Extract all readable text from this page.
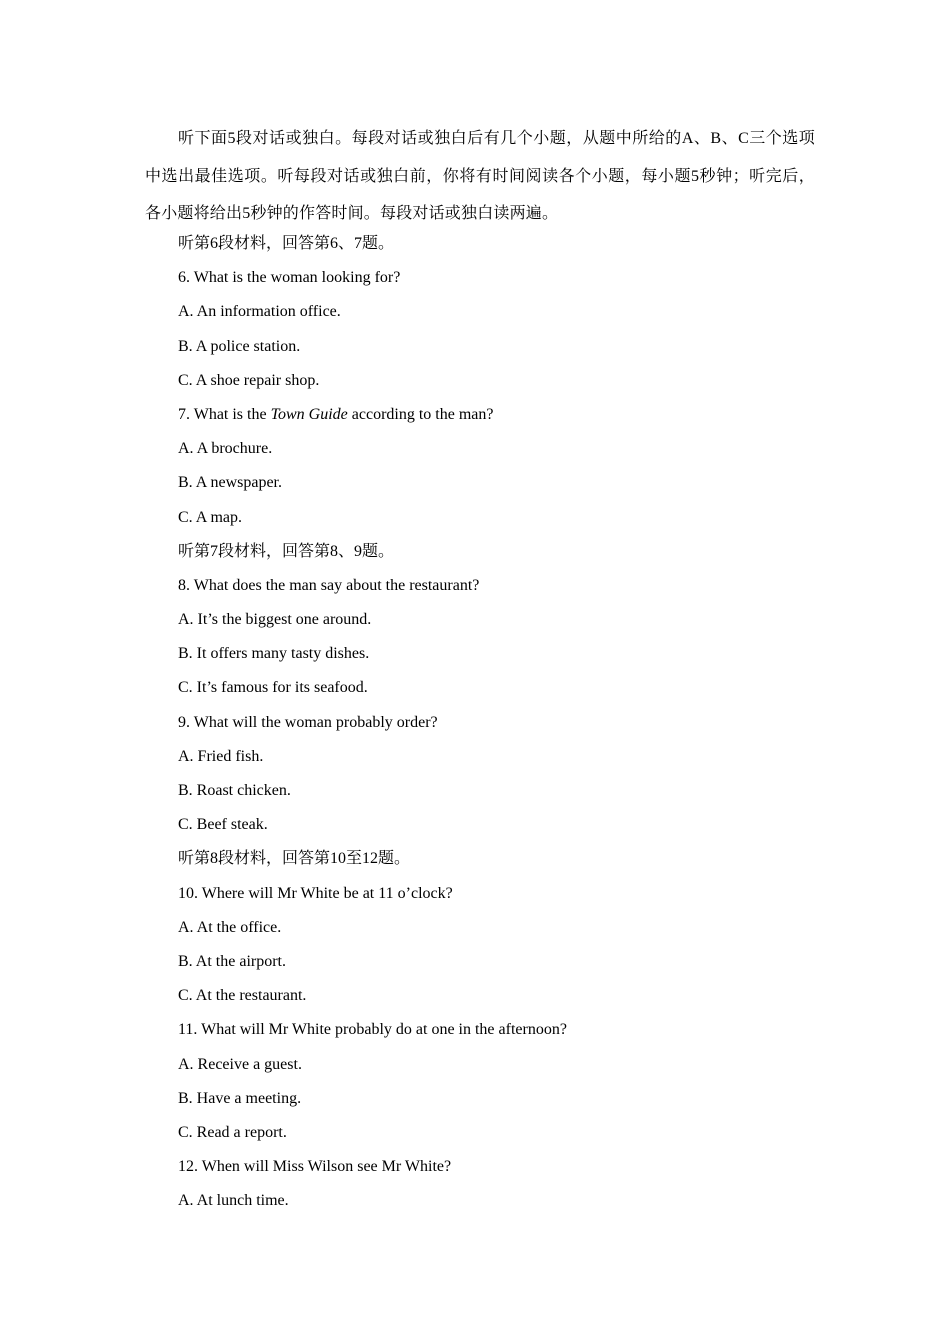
听下面5段对话或独白。每段对话或独白后有几个小题，从题中所给的A、B、C三个选项中选出最佳选项。听每段对话或独白前，你将有时间阅读各个小题，每小题5秒钟；听完后，各小题将给出5秒钟的作答时间。每段对话或独白读两遍。
听第6段材料，回答第6、7题。
6. What is the woman looking for?
A. An information office.
B. A police station.
C. A shoe repair shop.
7. What is the Town Guide according to the man?
A. A brochure.
B. A newspaper.
C. A map.
听第7段材料，回答第8、9题。
8. What does the man say about the restaurant?
A. It’s the biggest one around.
B. It offers many tasty dishes.
C. It’s famous for its seafood.
9. What will the woman probably order?
A. Fried fish.
B. Roast chicken.
C. Beef steak.
听第8段材料，回答第10至12题。
10. Where will Mr White be at 11 o’clock?
A. At the office.
B. At the airport.
C. At the restaurant.
11. What will Mr White probably do at one in the afternoon?
A. Receive a guest.
B. Have a meeting.
C. Read a report.
12. When will Miss Wilson see Mr White?
A. At lunch time.
